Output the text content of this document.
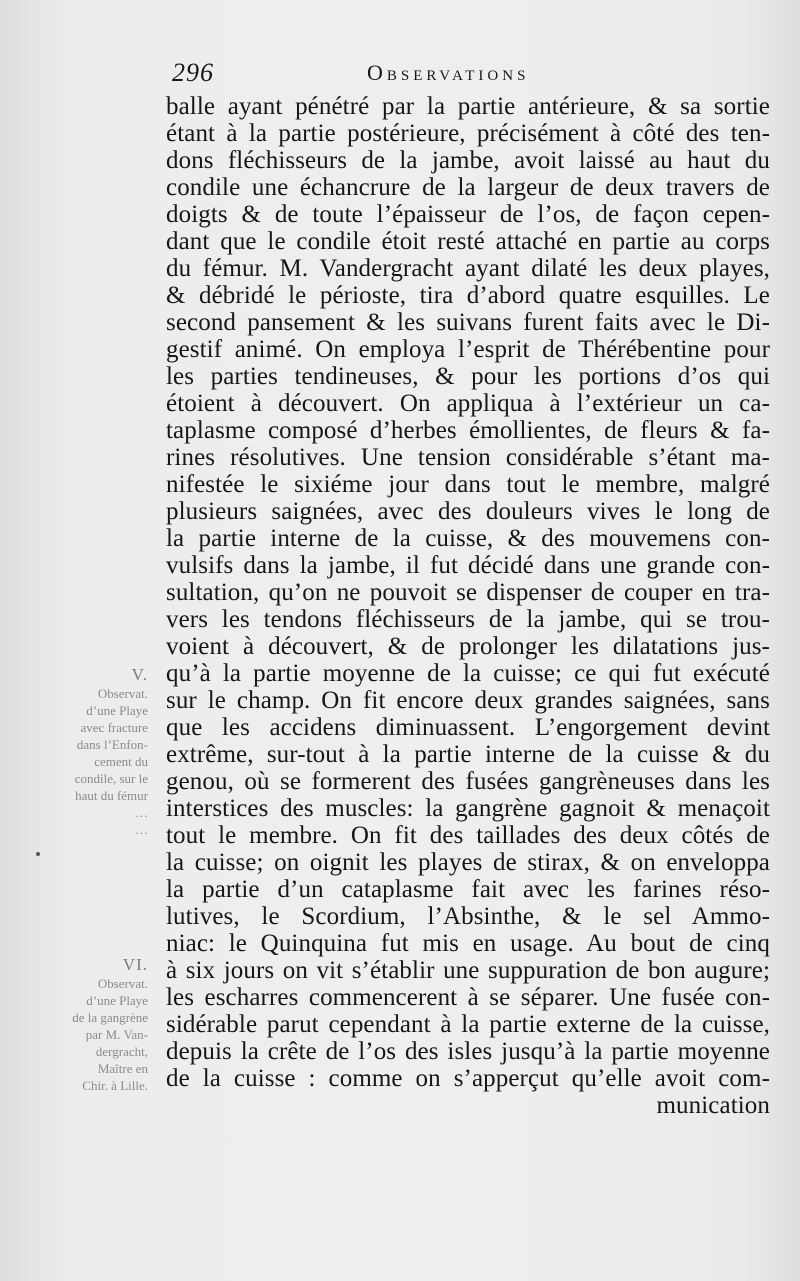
296	Observations
V.
Observat.
d’une Playe
avec fracture
dans l’Enfon-
cement du
condile, sur le
haut du fémur
…
…
VI.
Observat.
d’une Playe
de la gangrène
par M. Van-
dergracht,
Maître en
Chir. à Lille.
balle ayant pénétré par la partie antérieure, & sa sortie
étant à la partie postérieure, précisément à côté des ten-
dons fléchisseurs de la jambe, avoit laissé au haut du
condile une échancrure de la largeur de deux travers de
doigts & de toute l’épaisseur de l’os, de façon cepen-
dant que le condile étoit resté attaché en partie au corps
du fémur. M. Vandergracht ayant dilaté les deux playes,
& débridé le périoste, tira d’abord quatre esquilles. Le
second pansement & les suivans furent faits avec le Di-
gestif animé. On employa l’esprit de Thérébentine pour
les parties tendineuses, & pour les portions d’os qui
étoient à découvert. On appliqua à l’extérieur un ca-
taplasme composé d’herbes émollientes, de fleurs & fa-
rines résolutives. Une tension considérable s’étant ma-
nifestée le sixiéme jour dans tout le membre, malgré
plusieurs saignées, avec des douleurs vives le long de
la partie interne de la cuisse, & des mouvemens con-
vulsifs dans la jambe, il fut décidé dans une grande con-
sultation, qu’on ne pouvoit se dispenser de couper en tra-
vers les tendons fléchisseurs de la jambe, qui se trou-
voient à découvert, & de prolonger les dilatations jus-
qu’à la partie moyenne de la cuisse; ce qui fut exécuté
sur le champ. On fit encore deux grandes saignées, sans
que les accidens diminuassent. L’engorgement devint
extrême, sur-tout à la partie interne de la cuisse & du
genou, où se formerent des fusées gangrèneuses dans les
interstices des muscles: la gangrène gagnoit & menaçoit
tout le membre. On fit des taillades des deux côtés de
la cuisse; on oignit les playes de stirax, & on enveloppa
la partie d’un cataplasme fait avec les farines réso-
lutives, le Scordium, l’Absinthe, & le sel Ammo-
niac: le Quinquina fut mis en usage. Au bout de cinq
à six jours on vit s’établir une suppuration de bon augure;
les escharres commencerent à se séparer. Une fusée con-
sidérable parut cependant à la partie externe de la cuisse,
depuis la crête de l’os des isles jusqu’à la partie moyenne
de la cuisse : comme on s’apperçut qu’elle avoit com-
munication
